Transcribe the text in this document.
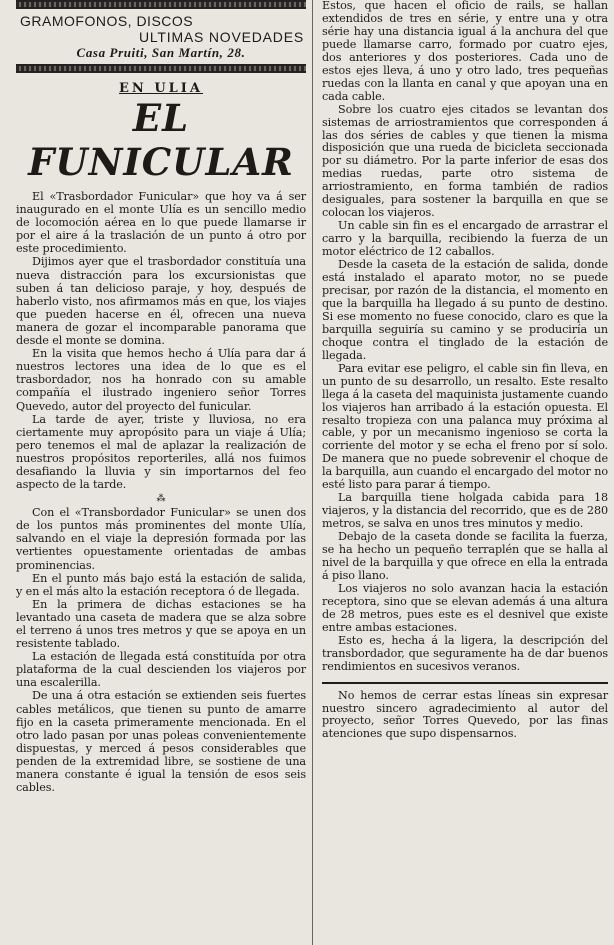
GRAMOFONOS, DISCOS
ULTIMAS NOVEDADES
Casa Pruiti, San Martín, 28.
EN ULIA
EL FUNICULAR

El «Trasbordador Funicular» que hoy va á ser inaugurado en el monte Ulía es un sencillo medio de locomoción aérea en lo que puede llamarse ir por el aire á la traslación de un punto á otro por este procedimiento.

Dijimos ayer que el trasbordador constituía una nueva distracción para los excursionistas que suben á tan delicioso paraje, y hoy, después de haberlo visto, nos afirmamos más en que, los viajes que pueden hacerse en él, ofrecen una nueva manera de gozar el incomparable panorama que desde el monte se domina.

En la visita que hemos hecho á Ulía para dar á nuestros lectores una idea de lo que es el trasbordador, nos ha honrado con su amable compañía el ilustrado ingeniero señor Torres Quevedo, autor del proyecto del funicular.

La tarde de ayer, triste y lluviosa, no era ciertamente muy apropósito para un viaje á Ulía; pero tenemos el mal de aplazar la realización de nuestros propósitos reporteriles, allá nos fuimos desafiando la lluvia y sin importarnos del feo aspecto de la tarde.

⁂

Con el «Transbordador Funicular» se unen dos de los puntos más prominentes del monte Ulía, salvando en el viaje la depresión formada por las vertientes opuestamente orientadas de ambas prominencias.

En el punto más bajo está la estación de salida, y en el más alto la estación receptora ó de llegada.

En la primera de dichas estaciones se ha levantado una caseta de madera que se alza sobre el terreno á unos tres metros y que se apoya en un resistente tablado.

La estación de llegada está constituída por otra plataforma de la cual descienden los viajeros por una escalerilla.

De una á otra estación se extienden seis fuertes cables metálicos, que tienen su punto de amarre fijo en la caseta primeramente mencionada. En el otro lado pasan por unas poleas convenientemente dispuestas, y merced á pesos considerables que penden de la extremidad libre, se sostiene de una manera constante é igual la tensión de esos seis cables.

Estos, que hacen el oficio de rails, se hallan extendidos de tres en série, y entre una y otra série hay una distancia igual á la anchura del que puede llamarse carro, formado por cuatro ejes, dos anteriores y dos posteriores. Cada uno de estos ejes lleva, á uno y otro lado, tres pequeñas ruedas con la llanta en canal y que apoyan una en cada cable.

Sobre los cuatro ejes citados se levantan dos sistemas de arriostramientos que corresponden á las dos séries de cables y que tienen la misma disposición que una rueda de bicicleta seccionada por su diámetro. Por la parte inferior de esas dos medias ruedas, parte otro sistema de arriostramiento, en forma también de radios desiguales, para sostener la barquilla en que se colocan los viajeros.

Un cable sin fin es el encargado de arrastrar el carro y la barquilla, recibiendo la fuerza de un motor eléctrico de 12 caballos.

Desde la caseta de la estación de salida, donde está instalado el aparato motor, no se puede precisar, por razón de la distancia, el momento en que la barquilla ha llegado á su punto de destino. Si ese momento no fuese conocido, claro es que la barquilla seguiría su camino y se produciría un choque contra el tinglado de la estación de llegada.

Para evitar ese peligro, el cable sin fin lleva, en un punto de su desarrollo, un resalto. Este resalto llega á la caseta del maquinista justamente cuando los viajeros han arribado á la estación opuesta. El resalto tropieza con una palanca muy próxima al cable, y por un mecanismo ingenioso se corta la corriente del motor y se echa el freno por sí solo. De manera que no puede sobrevenir el choque de la barquilla, aun cuando el encargado del motor no esté listo para parar á tiempo.

La barquilla tiene holgada cabida para 18 viajeros, y la distancia del recorrido, que es de 280 metros, se salva en unos tres minutos y medio.

Debajo de la caseta donde se facilita la fuerza, se ha hecho un pequeño terraplén que se halla al nivel de la barquilla y que ofrece en ella la entrada á piso llano.

Los viajeros no solo avanzan hacia la estación receptora, sino que se elevan además á una altura de 28 metros, pues este es el desnivel que existe entre ambas estaciones.

Esto es, hecha á la ligera, la descripción del transbordador, que seguramente ha de dar buenos rendimientos en sucesivos veranos.

No hemos de cerrar estas líneas sin expresar nuestro sincero agradecimiento al autor del proyecto, señor Torres Quevedo, por las finas atenciones que supo dispensarnos.
